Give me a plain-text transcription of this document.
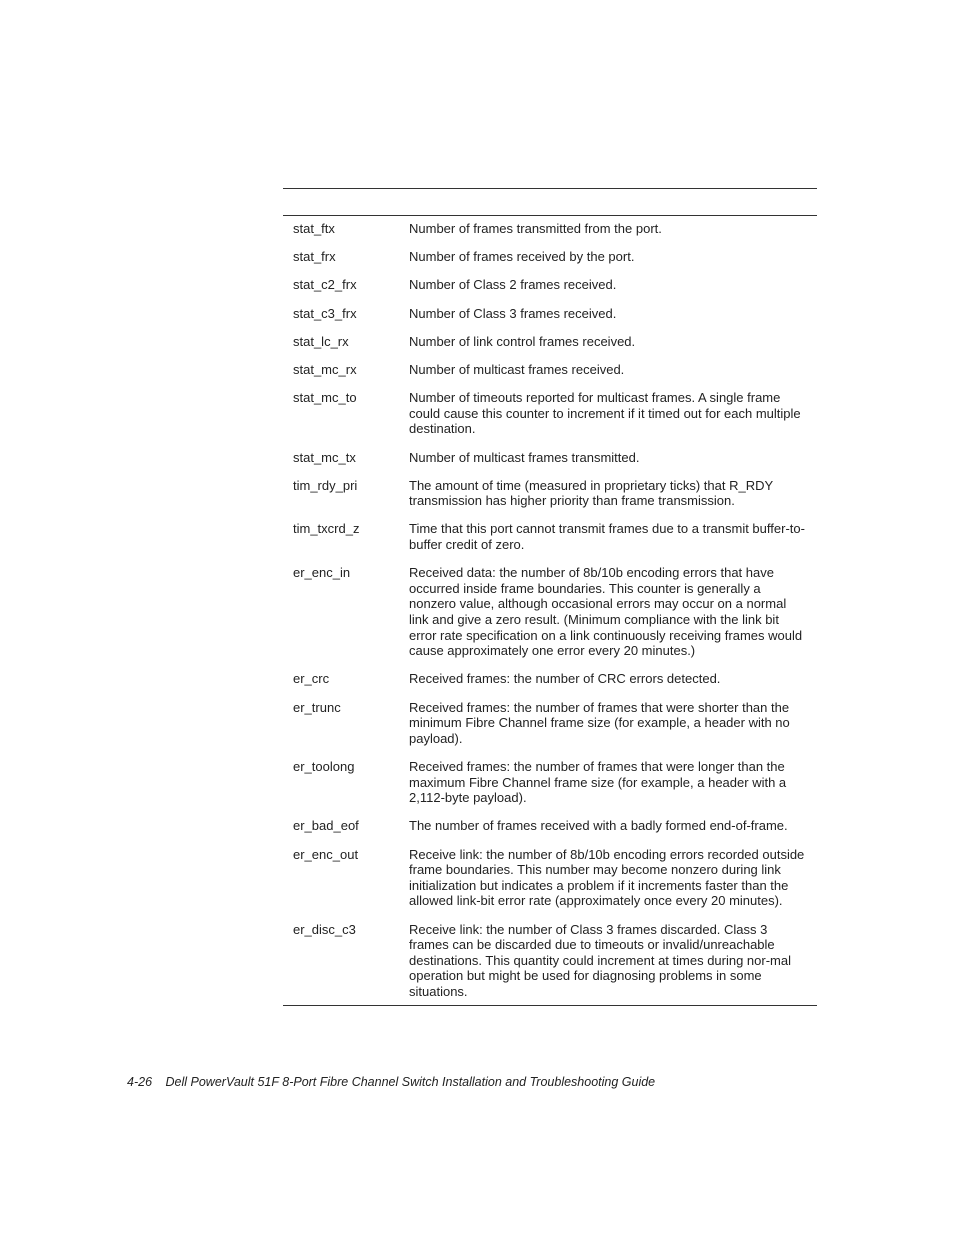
stat_ftx	Number of frames transmitted from the port.
stat_frx	Number of frames received by the port.
stat_c2_frx	Number of Class 2 frames received.
stat_c3_frx	Number of Class 3 frames received.
stat_lc_rx	Number of link control frames received.
stat_mc_rx	Number of multicast frames received.
stat_mc_to	Number of timeouts reported for multicast frames. A single frame could cause this counter to increment if it timed out for each multiple destination.
stat_mc_tx	Number of multicast frames transmitted.
tim_rdy_pri	The amount of time (measured in proprietary ticks) that R_RDY transmission has higher priority than frame transmission.
tim_txcrd_z	Time that this port cannot transmit frames due to a transmit buffer-to-buffer credit of zero.
er_enc_in	Received data: the number of 8b/10b encoding errors that have occurred inside frame boundaries. This counter is generally a nonzero value, although occasional errors may occur on a normal link and give a zero result. (Minimum compliance with the link bit error rate specification on a link continuously receiving frames would cause approximately one error every 20 minutes.)
er_crc	Received frames: the number of CRC errors detected.
er_trunc	Received frames: the number of frames that were shorter than the minimum Fibre Channel frame size (for example, a header with no payload).
er_toolong	Received frames: the number of frames that were longer than the maximum Fibre Channel frame size (for example, a header with a 2,112-byte payload).
er_bad_eof	The number of frames received with a badly formed end-of-frame.
er_enc_out	Receive link: the number of 8b/10b encoding errors recorded outside frame boundaries. This number may become nonzero during link initialization but indicates a problem if it increments faster than the allowed link-bit error rate (approximately once every 20 minutes).
er_disc_c3	Receive link: the number of Class 3 frames discarded. Class 3 frames can be discarded due to timeouts or invalid/unreachable destinations. This quantity could increment at times during nor-mal operation but might be used for diagnosing problems in some situations.
4-26 Dell PowerVault 51F 8-Port Fibre Channel Switch Installation and Troubleshooting Guide
